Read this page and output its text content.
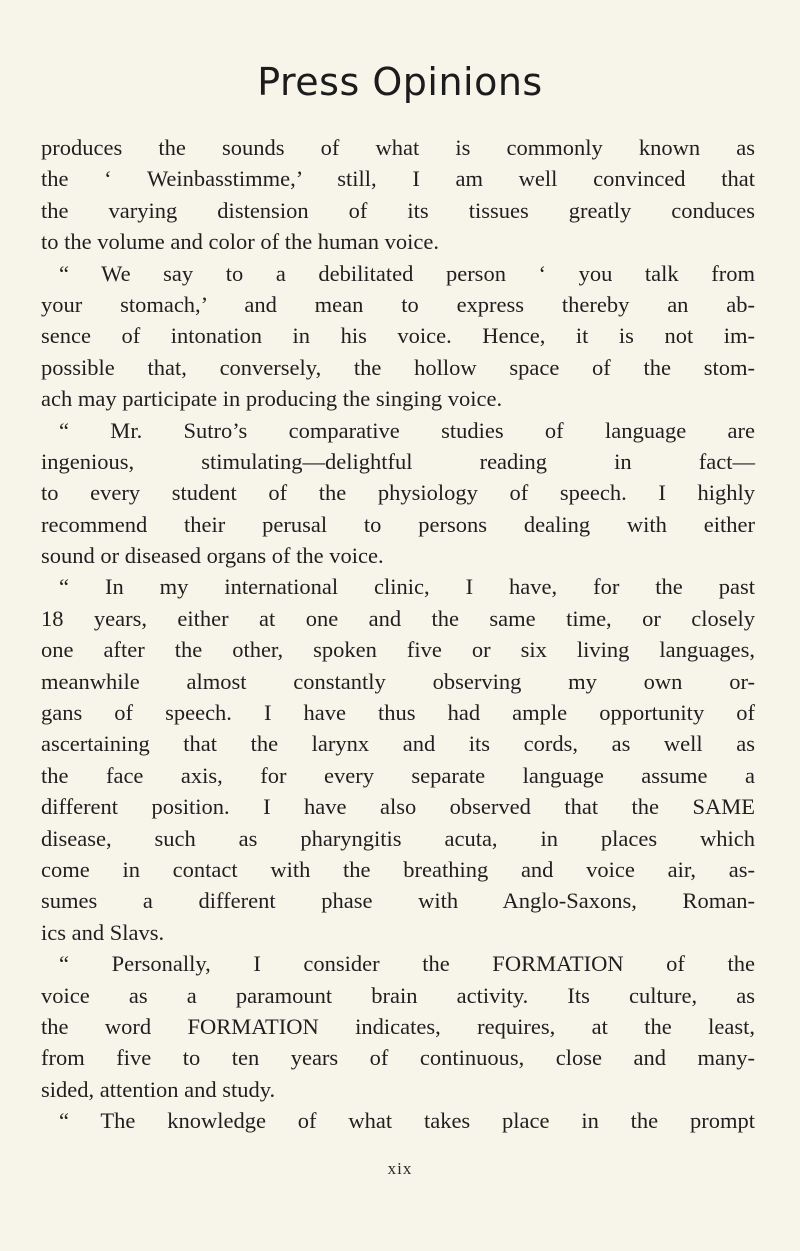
Press Opinions
produces the sounds of what is commonly known as
the ‘ Weinbasstimme,’ still, I am well convinced that
the varying distension of its tissues greatly conduces
to the volume and color of the human voice.
“ We say to a debilitated person ‘ you talk from
your stomach,’ and mean to express thereby an ab-
sence of intonation in his voice. Hence, it is not im-
possible that, conversely, the hollow space of the stom-
ach may participate in producing the singing voice.
“ Mr. Sutro’s comparative studies of language are
ingenious, stimulating—delightful reading in fact—
to every student of the physiology of speech. I highly
recommend their perusal to persons dealing with either
sound or diseased organs of the voice.
“ In my international clinic, I have, for the past
18 years, either at one and the same time, or closely
one after the other, spoken five or six living languages,
meanwhile almost constantly observing my own or-
gans of speech. I have thus had ample opportunity of
ascertaining that the larynx and its cords, as well as
the face axis, for every separate language assume a
different position. I have also observed that the SAME
disease, such as pharyngitis acuta, in places which
come in contact with the breathing and voice air, as-
sumes a different phase with Anglo-Saxons, Roman-
ics and Slavs.
“ Personally, I consider the FORMATION of the
voice as a paramount brain activity. Its culture, as
the word FORMATION indicates, requires, at the least,
from five to ten years of continuous, close and many-
sided, attention and study.
“ The knowledge of what takes place in the prompt
xix
